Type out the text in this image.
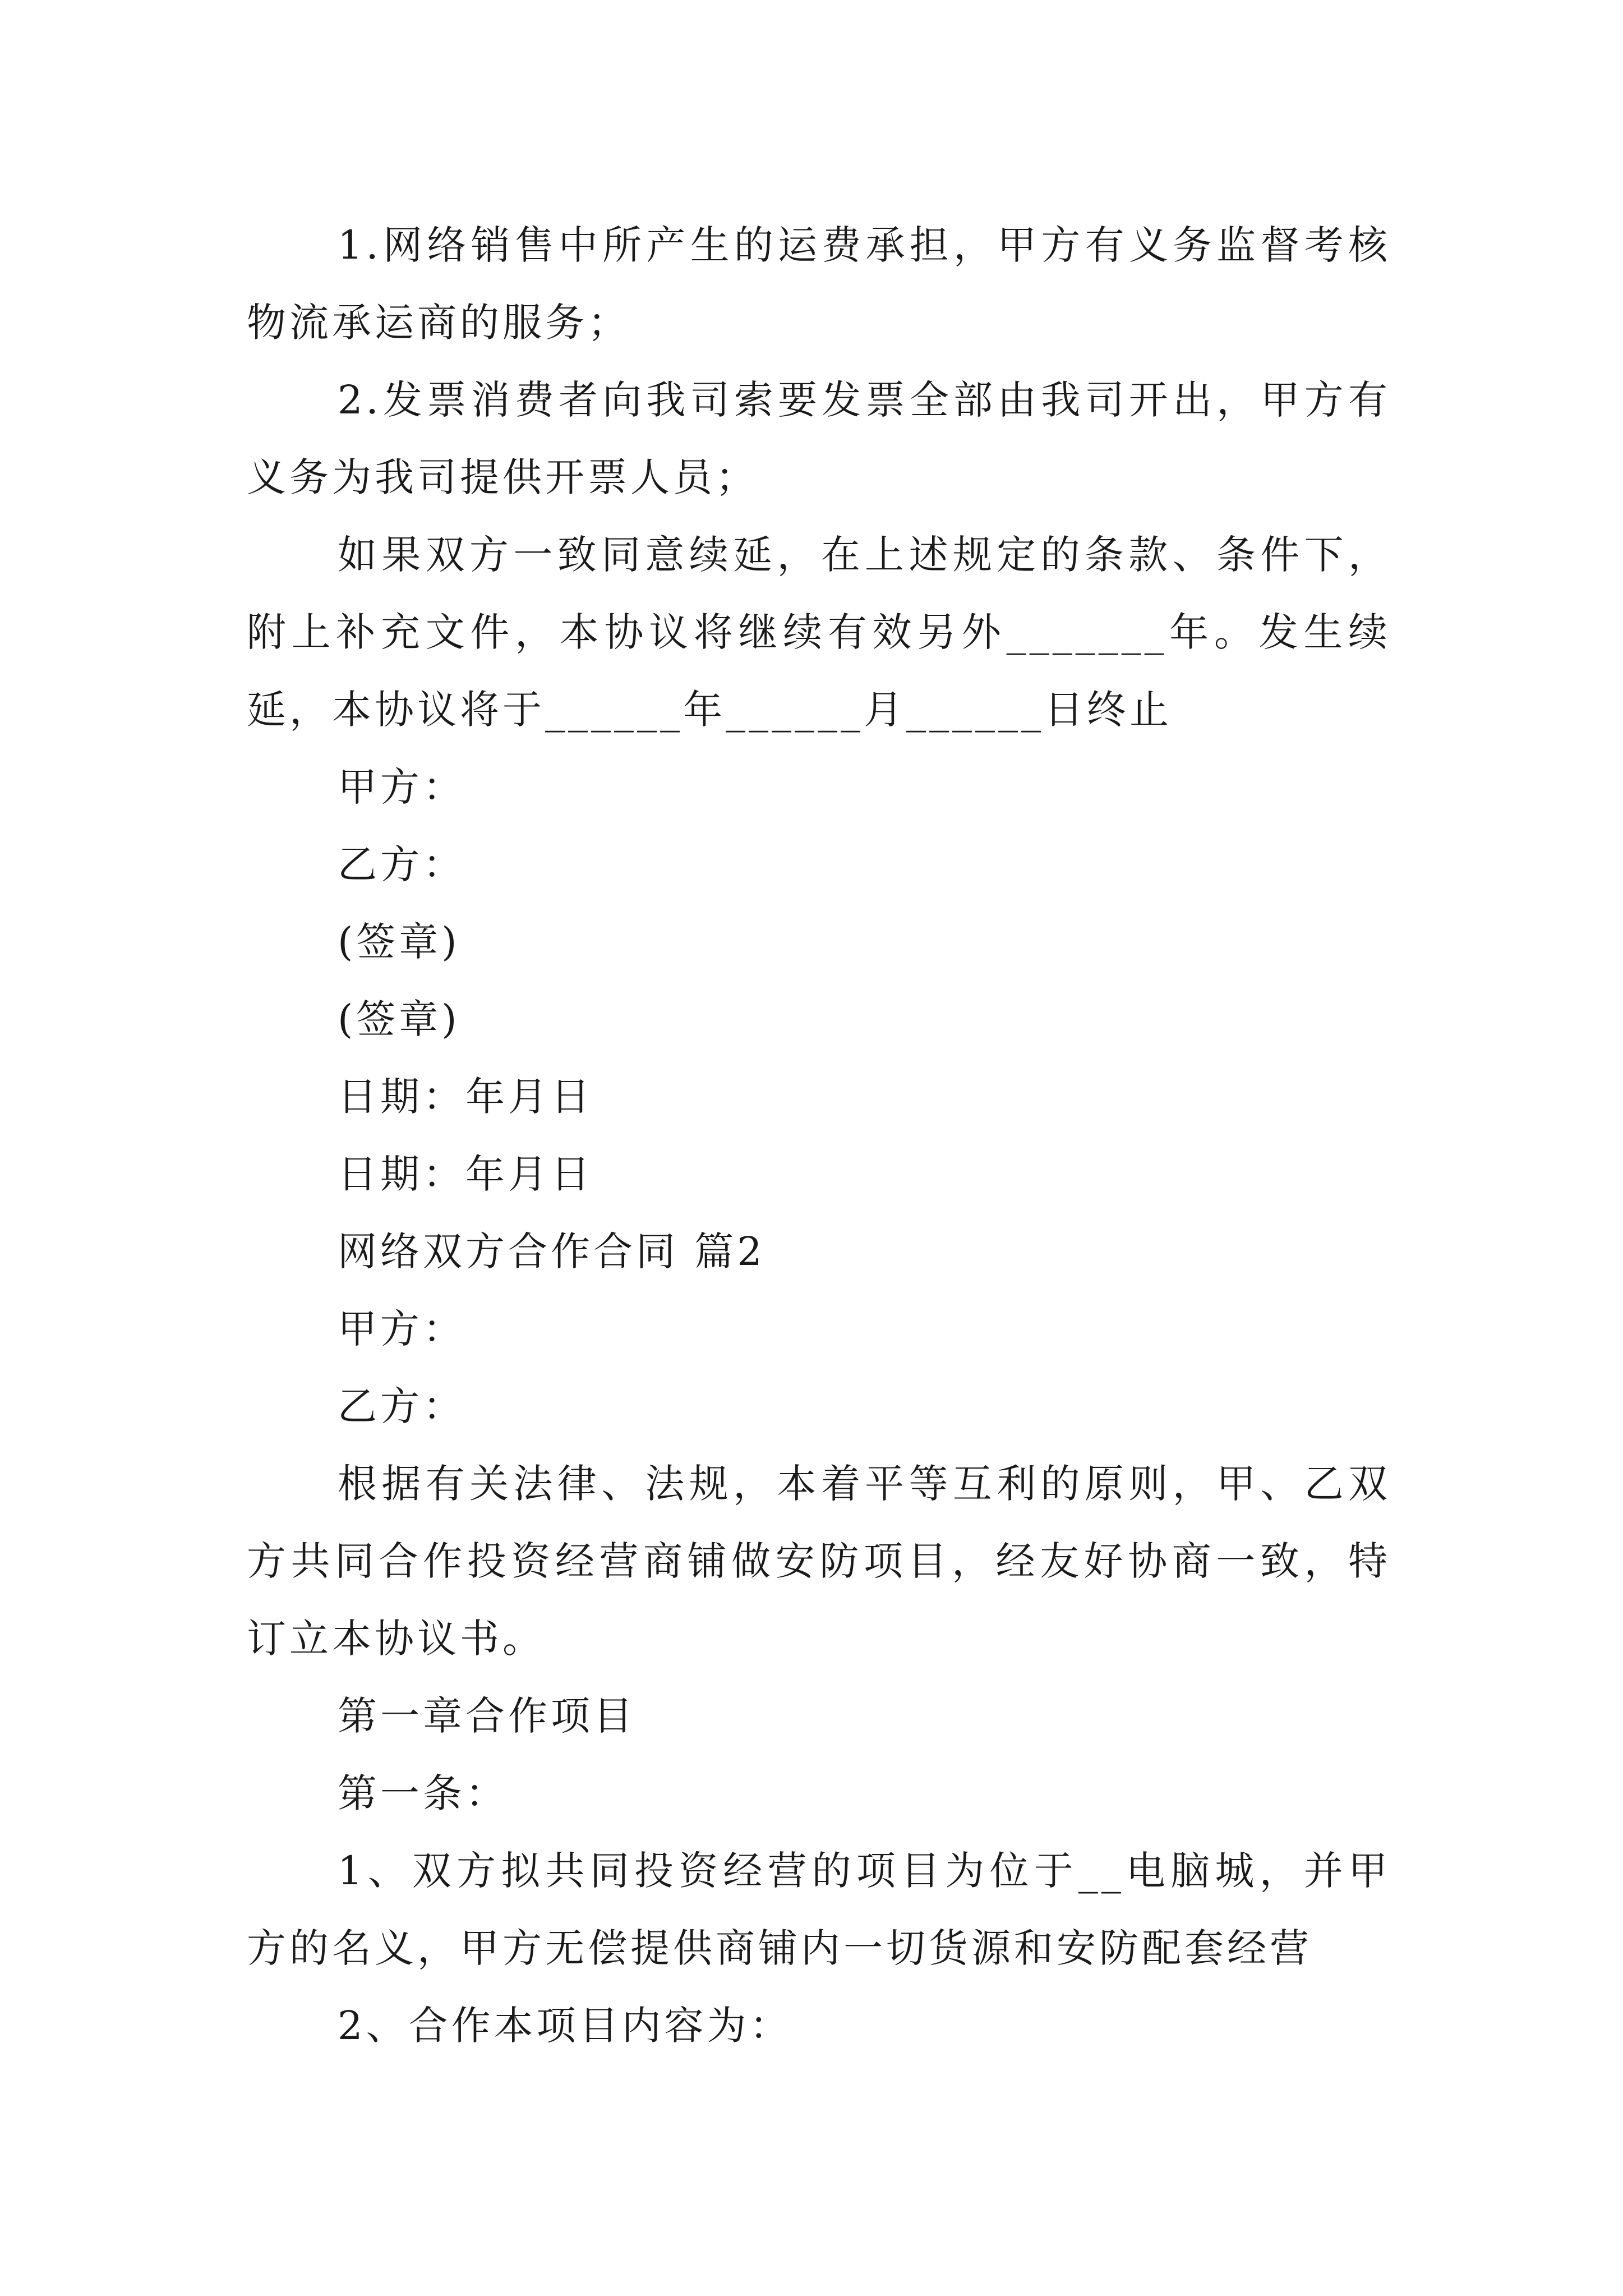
1.网络销售中所产生的运费承担，甲方有义务监督考核物流承运商的服务；

2.发票消费者向我司索要发票全部由我司开出，甲方有义务为我司提供开票人员；

如果双方一致同意续延，在上述规定的条款、条件下，附上补充文件，本协议将继续有效另外_______年。发生续延，本协议将于______年______月______日终止

甲方：

乙方：

(签章)

(签章)

日期：年月日

日期：年月日

网络双方合作合同 篇2

甲方：

乙方：

根据有关法律、法规，本着平等互利的原则，甲、乙双方共同合作投资经营商铺做安防项目，经友好协商一致，特订立本协议书。

第一章合作项目

第一条：

1、双方拟共同投资经营的项目为位于__电脑城，并甲方的名义，甲方无偿提供商铺内一切货源和安防配套经营

2、合作本项目内容为：
